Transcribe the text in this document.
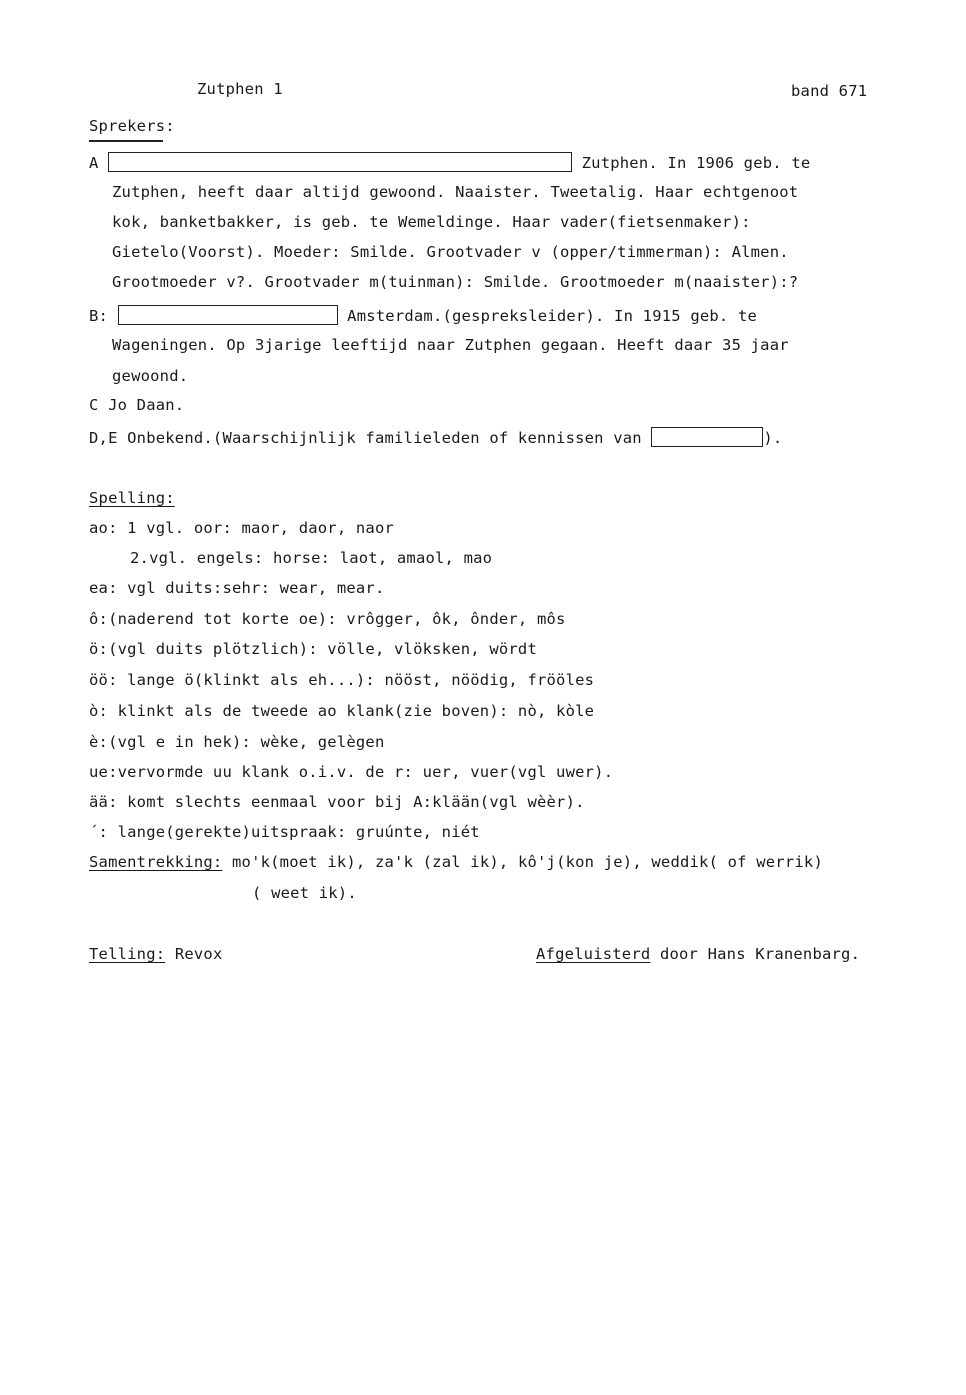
Zutphen 1	band 671
Sprekers:
A	Zutphen. In 1906 geb. te
Zutphen, heeft daar altijd gewoond. Naaister. Tweetalig. Haar echtgenoot
kok, banketbakker, is geb. te Wemeldinge. Haar vader(fietsenmaker):
Gietelo(Voorst). Moeder: Smilde. Grootvader v (opper/timmerman): Almen.
Grootmoeder v?. Grootvader m(tuinman): Smilde. Grootmoeder m(naaister):?
B:	Amsterdam.(gespreksleider). In 1915 geb. te
Wageningen. Op 3jarige leeftijd naar Zutphen gegaan. Heeft daar 35 jaar
gewoond.
C Jo Daan.
D,E Onbekend.(Waarschijnlijk familieleden of kennissen van	).
Spelling:
ao: 1 vgl. oor: maor, daor, naor
2.vgl. engels: horse: laot, amaol, mao
ea: vgl duits:sehr: wear, mear.
ô:(naderend tot korte oe): vrôgger, ôk, ônder, môs
ö:(vgl duits plötzlich): völle, vlöksken, wördt
öö: lange ö(klinkt als eh...): nööst, nöödig, frööles
ò: klinkt als de tweede ao klank(zie boven): nò, kòle
è:(vgl e in hek): wèke, gelègen
ue:vervormde uu klank o.i.v. de r: uer, vuer(vgl uwer).
ää: komt slechts eenmaal voor bij A:klään(vgl wèèr).
´: lange(gerekte)uitspraak: gruúnte, niét
Samentrekking: mo'k(moet ik), za'k (zal ik), kô'j(kon je), weddik( of werrik)
( weet ik).
Telling: Revox	Afgeluisterd door Hans Kranenbarg.
